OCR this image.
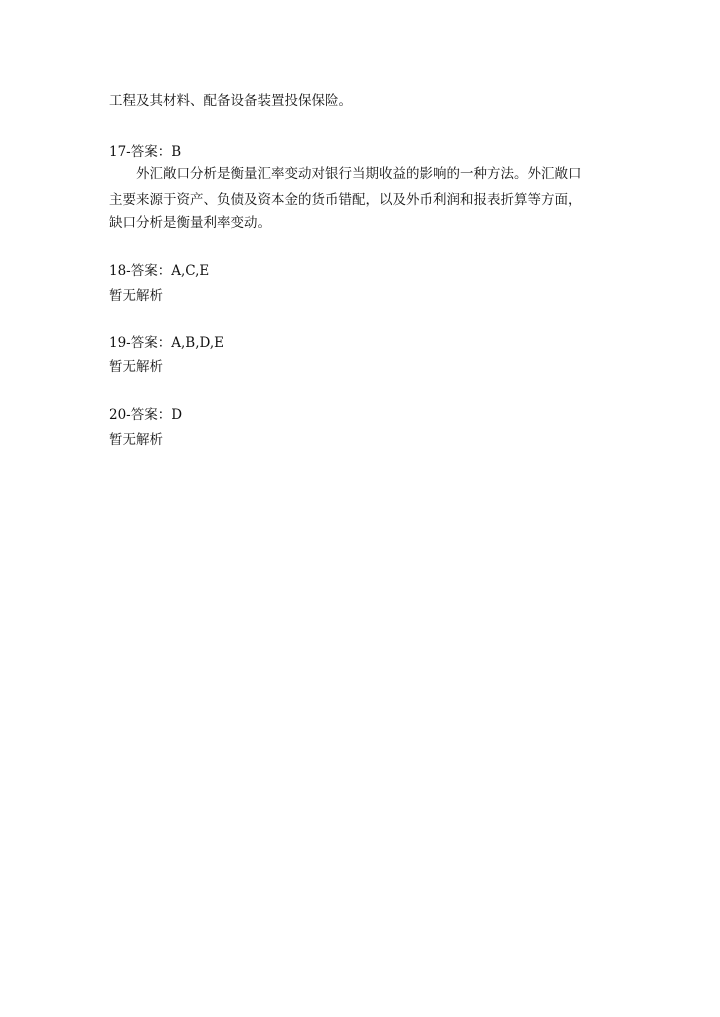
工程及其材料、配备设备装置投保保险。
17-答案：B
外汇敞口分析是衡量汇率变动对银行当期收益的影响的一种方法。外汇敞口
主要来源于资产、负债及资本金的货币错配，以及外币利润和报表折算等方面，
缺口分析是衡量利率变动。
18-答案：A,C,E
暂无解析
19-答案：A,B,D,E
暂无解析
20-答案：D
暂无解析
